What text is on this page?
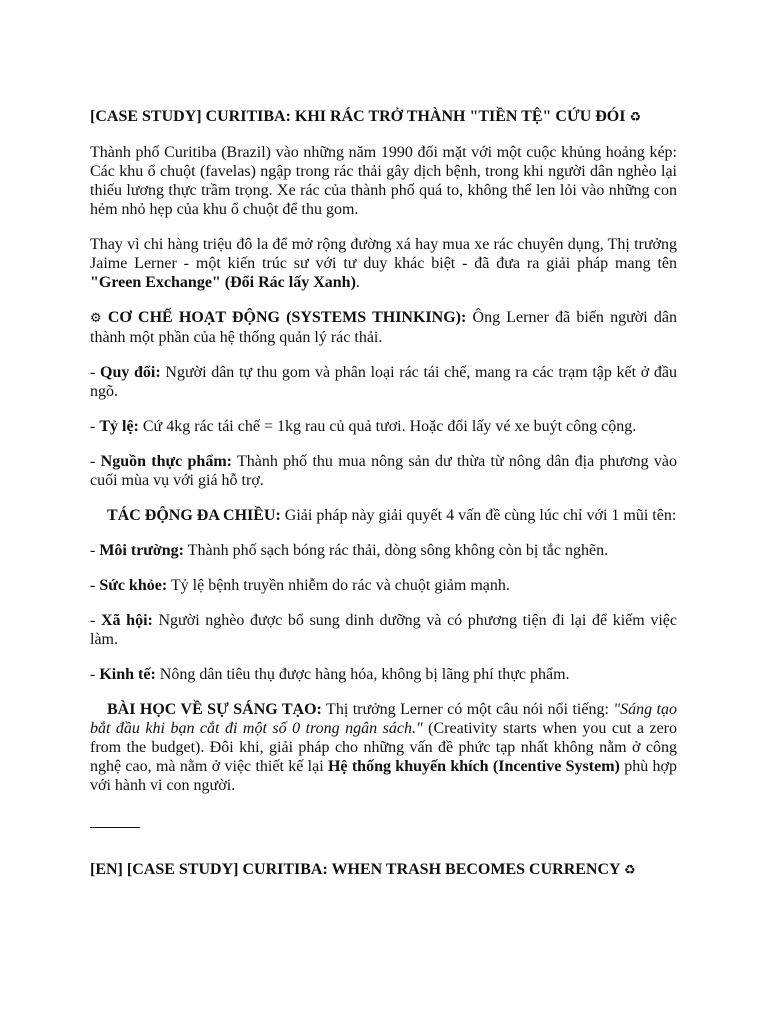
[CASE STUDY] CURITIBA: KHI RÁC TRỞ THÀNH "TIỀN TỆ" CỨU ĐÓI ♻

Thành phố Curitiba (Brazil) vào những năm 1990 đối mặt với một cuộc khủng hoảng kép: Các khu ổ chuột (favelas) ngập trong rác thải gây dịch bệnh, trong khi người dân nghèo lại thiếu lương thực trầm trọng. Xe rác của thành phố quá to, không thể len lỏi vào những con hẻm nhỏ hẹp của khu ổ chuột để thu gom.

Thay vì chi hàng triệu đô la để mở rộng đường xá hay mua xe rác chuyên dụng, Thị trưởng Jaime Lerner - một kiến trúc sư với tư duy khác biệt - đã đưa ra giải pháp mang tên "Green Exchange" (Đổi Rác lấy Xanh).

⚙ CƠ CHẾ HOẠT ĐỘNG (SYSTEMS THINKING): Ông Lerner đã biến người dân thành một phần của hệ thống quản lý rác thải.

- Quy đổi: Người dân tự thu gom và phân loại rác tái chế, mang ra các trạm tập kết ở đầu ngõ.

- Tỷ lệ: Cứ 4kg rác tái chế = 1kg rau củ quả tươi. Hoặc đổi lấy vé xe buýt công cộng.

- Nguồn thực phẩm: Thành phố thu mua nông sản dư thừa từ nông dân địa phương vào cuối mùa vụ với giá hỗ trợ.

TÁC ĐỘNG ĐA CHIỀU: Giải pháp này giải quyết 4 vấn đề cùng lúc chỉ với 1 mũi tên:

- Môi trường: Thành phố sạch bóng rác thải, dòng sông không còn bị tắc nghẽn.

- Sức khỏe: Tỷ lệ bệnh truyền nhiễm do rác và chuột giảm mạnh.

- Xã hội: Người nghèo được bổ sung dinh dưỡng và có phương tiện đi lại để kiếm việc làm.

- Kinh tế: Nông dân tiêu thụ được hàng hóa, không bị lãng phí thực phẩm.

BÀI HỌC VỀ SỰ SÁNG TẠO: Thị trưởng Lerner có một câu nói nổi tiếng: "Sáng tạo bắt đầu khi bạn cắt đi một số 0 trong ngân sách." (Creativity starts when you cut a zero from the budget). Đôi khi, giải pháp cho những vấn đề phức tạp nhất không nằm ở công nghệ cao, mà nằm ở việc thiết kế lại Hệ thống khuyến khích (Incentive System) phù hợp với hành vi con người.

[EN] [CASE STUDY] CURITIBA: WHEN TRASH BECOMES CURRENCY ♻
